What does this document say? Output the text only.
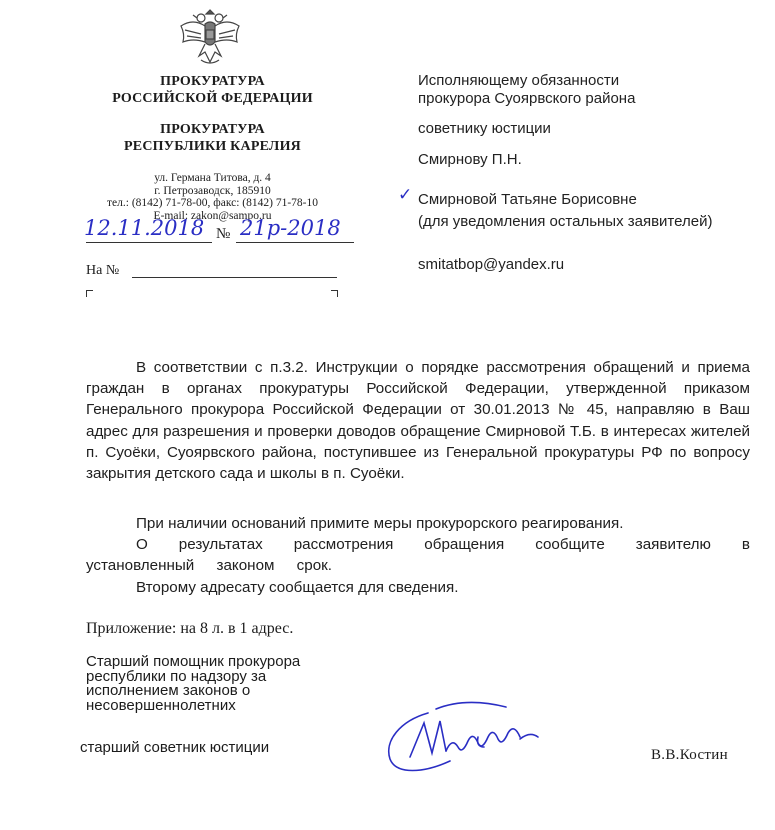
ПРОКУРАТУРА
РОССИЙСКОЙ ФЕДЕРАЦИИ
ПРОКУРАТУРА
РЕСПУБЛИКИ КАРЕЛИЯ
ул. Германа Титова, д. 4
г. Петрозаводск, 185910
тел.: (8142) 71-78-00, факс: (8142) 71-78-10
E-mail: zakon@sampo.ru
12.11.2018 № 21р-2018
На №
Исполняющему обязанности
прокурора Суоярвского района
советнику юстиции
Смирнову П.Н.
✓ Смирновой Татьяне Борисовне
(для уведомления остальных заявителей)
smitatbop@yandex.ru

В соответствии с п.3.2. Инструкции о порядке рассмотрения обращений и приема граждан в органах прокуратуры Российской Федерации, утвержденной приказом Генерального прокурора Российской Федерации от 30.01.2013 № 45, направляю в Ваш адрес для разрешения и проверки доводов обращение Смирновой Т.Б. в интересах жителей п. Суоёки, Суоярвского района, поступившее из Генеральной прокуратуры РФ по вопросу закрытия детского сада и школы в п. Суоёки.

При наличии оснований примите меры прокурорского реагирования.

О результатах рассмотрения обращения сообщите заявителю в установленный законом срок.

Второму адресату сообщается для сведения.

Приложение: на 8 л. в 1 адрес.
Старший помощник прокурора
республики по надзору за
исполнением законов о
несовершеннолетних
старший советник юстиции	В.В.Костин
